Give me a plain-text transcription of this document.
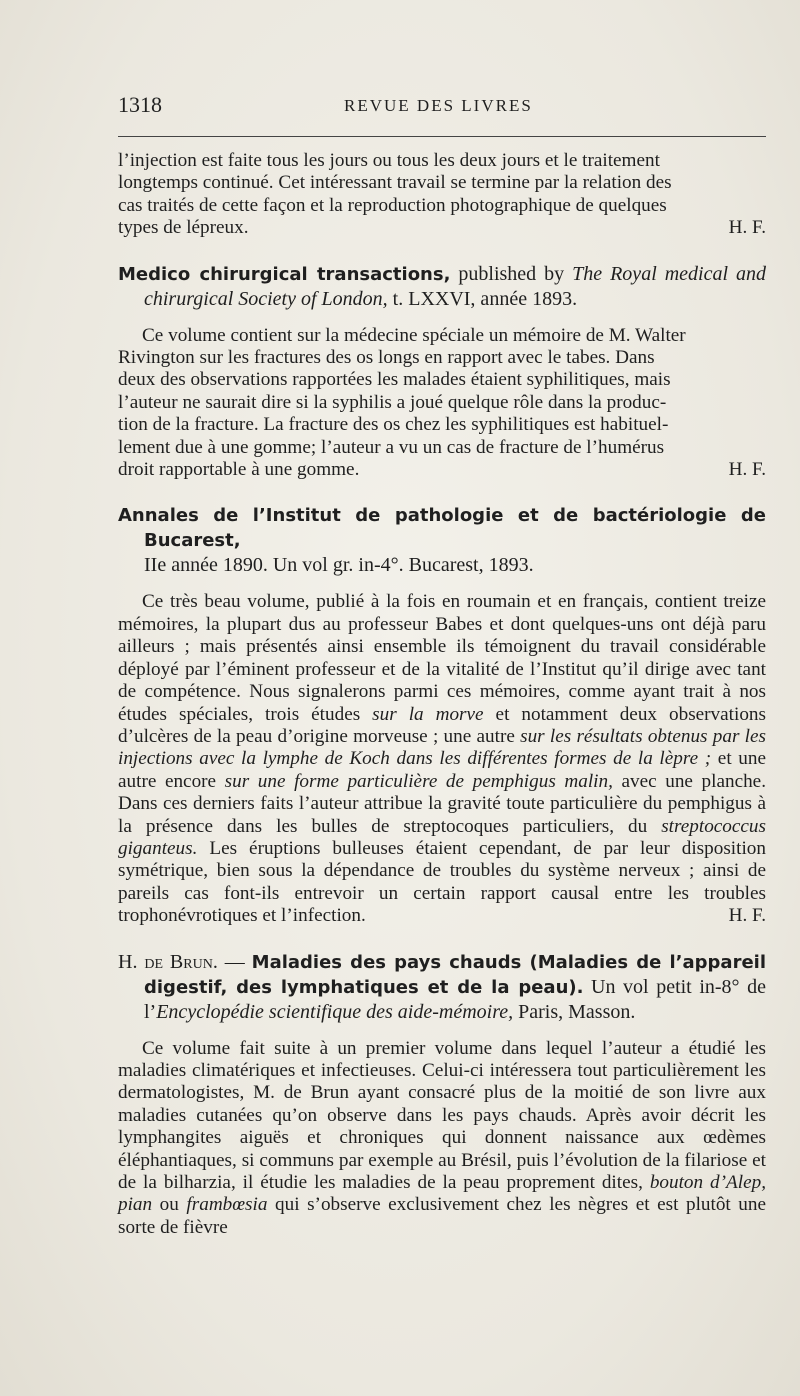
1318	REVUE DES LIVRES

l’injection est faite tous les jours ou tous les deux jours et le traitement

longtemps continué. Cet intéressant travail se termine par la relation des

cas traités de cette façon et la reproduction photographique de quelques

types de lépreux.	H. F.

Medico chirurgical transactions, published by The Royal medical and chirurgical Society of London, t. LXXVI, année 1893.

Ce volume contient sur la médecine spéciale un mémoire de M. Walter

Rivington sur les fractures des os longs en rapport avec le tabes. Dans

deux des observations rapportées les malades étaient syphilitiques, mais

l’auteur ne saurait dire si la syphilis a joué quelque rôle dans la produc-

tion de la fracture. La fracture des os chez les syphilitiques est habituel-

lement due à une gomme; l’auteur a vu un cas de fracture de l’humérus

droit rapportable à une gomme.	H. F.

Annales de l’Institut de pathologie et de bactériologie de Bucarest,
IIe année 1890. Un vol gr. in-4°. Bucarest, 1893.

Ce très beau volume, publié à la fois en roumain et en français, contient treize mémoires, la plupart dus au professeur Babes et dont quelques-uns ont déjà paru ailleurs ; mais présentés ainsi ensemble ils témoignent du travail considérable déployé par l’éminent professeur et de la vitalité de l’Institut qu’il dirige avec tant de compétence. Nous signalerons parmi ces mémoires, comme ayant trait à nos études spéciales, trois études sur la morve et notamment deux observations d’ulcères de la peau d’origine morveuse ; une autre sur les résultats obtenus par les injections avec la lymphe de Koch dans les différentes formes de la lèpre ; et une autre encore sur une forme particulière de pemphigus malin, avec une planche. Dans ces derniers faits l’auteur attribue la gravité toute particulière du pemphigus à la présence dans les bulles de streptocoques particuliers, du streptococcus giganteus. Les éruptions bulleuses étaient cependant, de par leur disposition symétrique, bien sous la dépendance de troubles du système nerveux ; ainsi de pareils cas font-ils entrevoir un certain rapport causal entre les troubles trophonévrotiques et l’infection.	H. F.

H. de Brun. — Maladies des pays chauds (Maladies de l’appareil digestif, des lymphatiques et de la peau). Un vol petit in-8° de l’Encyclopédie scientifique des aide-mémoire, Paris, Masson.

Ce volume fait suite à un premier volume dans lequel l’auteur a étudié les maladies climatériques et infectieuses. Celui-ci intéressera tout particulièrement les dermatologistes, M. de Brun ayant consacré plus de la moitié de son livre aux maladies cutanées qu’on observe dans les pays chauds. Après avoir décrit les lymphangites aiguës et chroniques qui donnent naissance aux œdèmes éléphantiaques, si communs par exemple au Brésil, puis l’évolution de la filariose et de la bilharzia, il étudie les maladies de la peau proprement dites, bouton d’Alep, pian ou frambœsia qui s’observe exclusivement chez les nègres et est plutôt une sorte de fièvre
